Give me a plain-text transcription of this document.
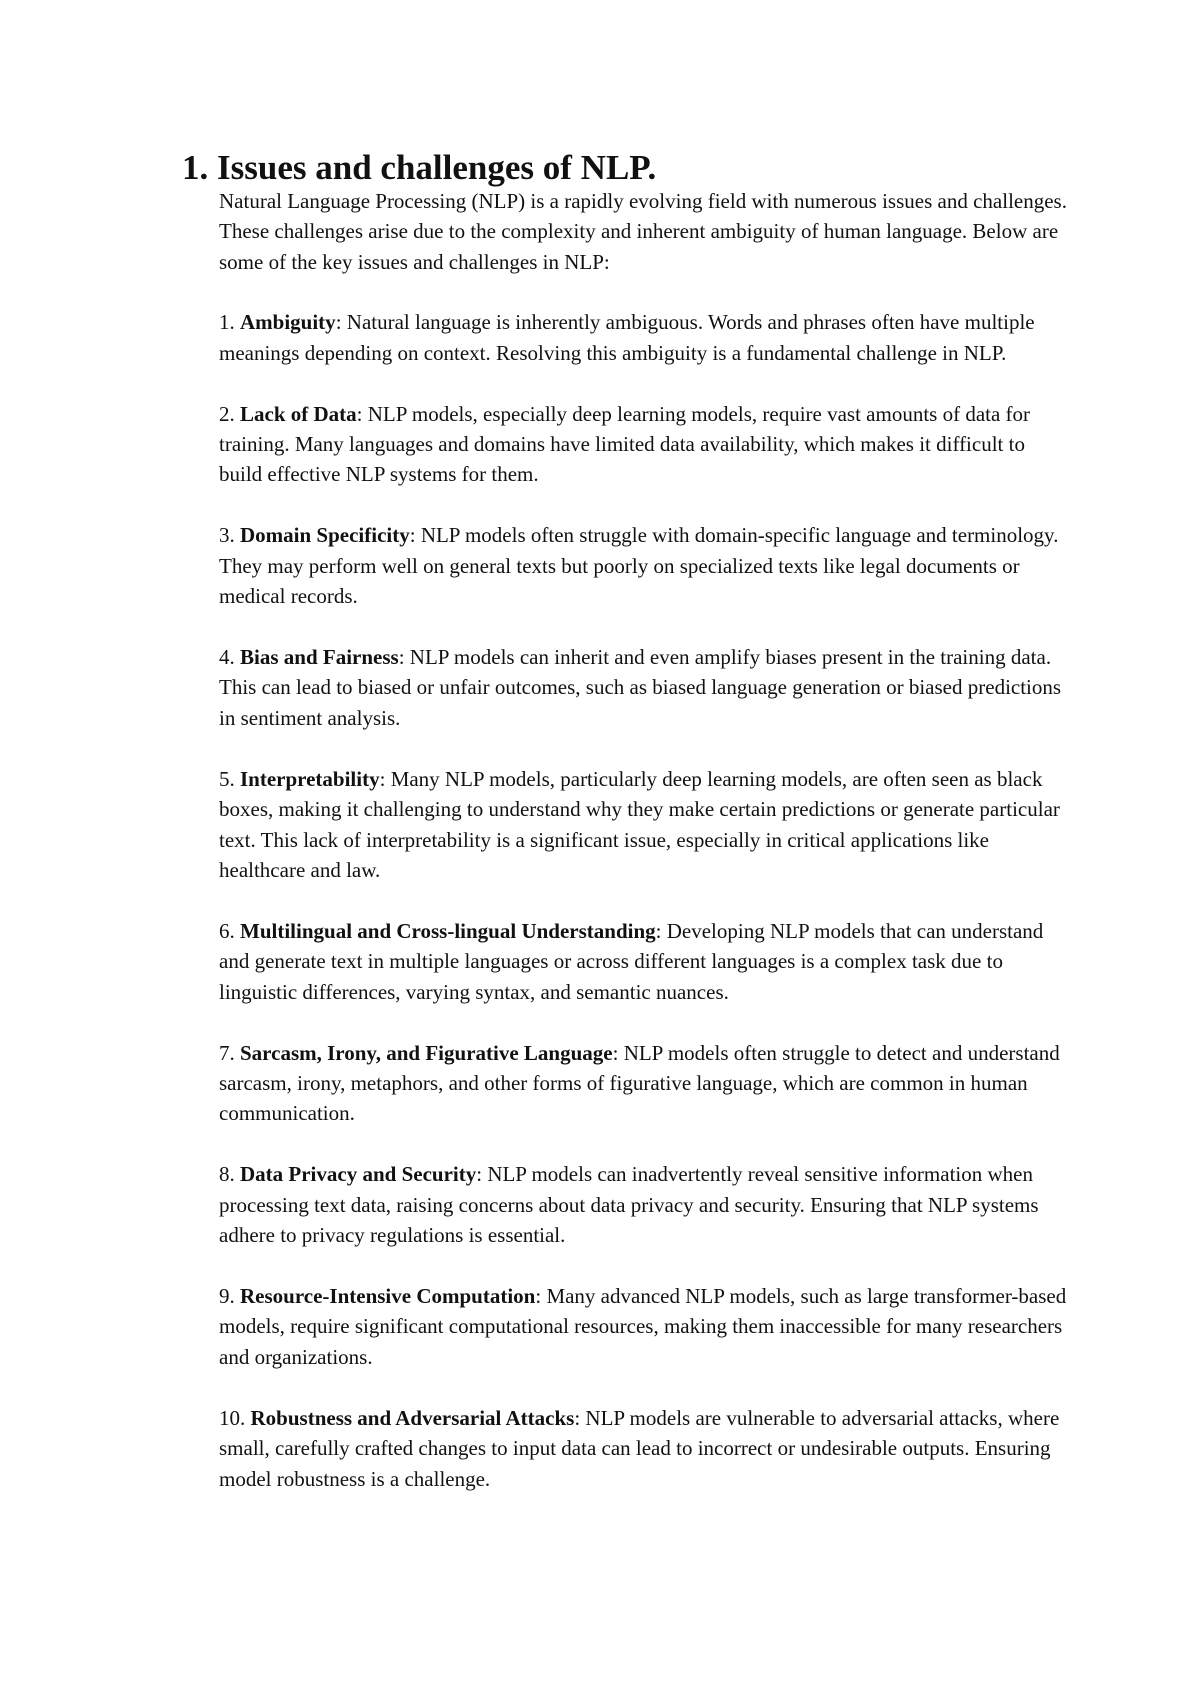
1. Issues and challenges of NLP.

Natural Language Processing (NLP) is a rapidly evolving field with numerous issues and challenges. These challenges arise due to the complexity and inherent ambiguity of human language. Below are some of the key issues and challenges in NLP:

1. Ambiguity: Natural language is inherently ambiguous. Words and phrases often have multiple meanings depending on context. Resolving this ambiguity is a fundamental challenge in NLP.

2. Lack of Data: NLP models, especially deep learning models, require vast amounts of data for training. Many languages and domains have limited data availability, which makes it difficult to build effective NLP systems for them.

3. Domain Specificity: NLP models often struggle with domain-specific language and terminology. They may perform well on general texts but poorly on specialized texts like legal documents or medical records.

4. Bias and Fairness: NLP models can inherit and even amplify biases present in the training data. This can lead to biased or unfair outcomes, such as biased language generation or biased predictions in sentiment analysis.

5. Interpretability: Many NLP models, particularly deep learning models, are often seen as black boxes, making it challenging to understand why they make certain predictions or generate particular text. This lack of interpretability is a significant issue, especially in critical applications like healthcare and law.

6. Multilingual and Cross-lingual Understanding: Developing NLP models that can understand and generate text in multiple languages or across different languages is a complex task due to linguistic differences, varying syntax, and semantic nuances.

7. Sarcasm, Irony, and Figurative Language: NLP models often struggle to detect and understand sarcasm, irony, metaphors, and other forms of figurative language, which are common in human communication.

8. Data Privacy and Security: NLP models can inadvertently reveal sensitive information when processing text data, raising concerns about data privacy and security. Ensuring that NLP systems adhere to privacy regulations is essential.

9. Resource-Intensive Computation: Many advanced NLP models, such as large transformer-based models, require significant computational resources, making them inaccessible for many researchers and organizations.

10. Robustness and Adversarial Attacks: NLP models are vulnerable to adversarial attacks, where small, carefully crafted changes to input data can lead to incorrect or undesirable outputs. Ensuring model robustness is a challenge.
